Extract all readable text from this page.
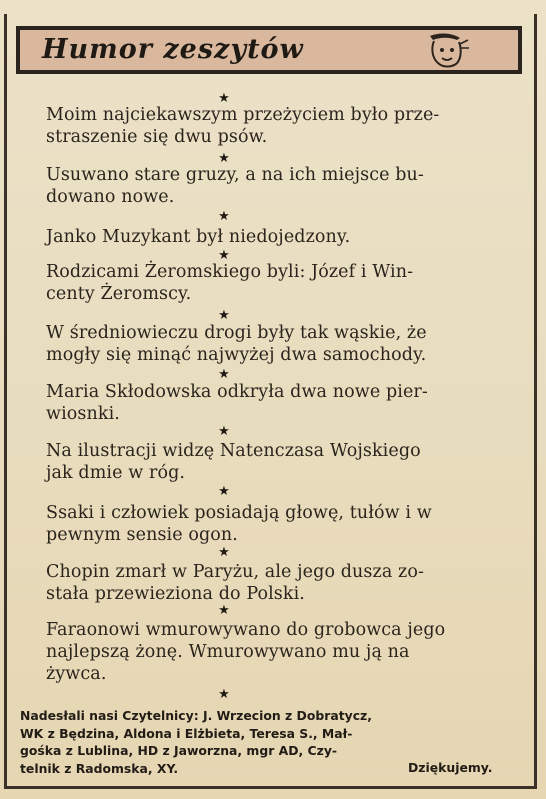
Humor zeszytów
★
Moim najciekawszym przeżyciem było prze-
straszenie się dwu psów.
★
Usuwano stare gruzy, a na ich miejsce bu-
dowano nowe.
★
Janko Muzykant był niedojedzony.
★
Rodzicami Żeromskiego byli: Józef i Win-
centy Żeromscy.
★
W średniowieczu drogi były tak wąskie, że
mogły się minąć najwyżej dwa samochody.
★
Maria Skłodowska odkryła dwa nowe pier-
wiosnki.
★
Na ilustracji widzę Natenczasa Wojskiego
jak dmie w róg.
★
Ssaki i człowiek posiadają głowę, tułów i w
pewnym sensie ogon.
★
Chopin zmarł w Paryżu, ale jego dusza zo-
stała przewieziona do Polski.
★
Faraonowi wmurowywano do grobowca jego
najlepszą żonę. Wmurowywano mu ją na
żywca.
★
Nadesłali nasi Czytelnicy: J. Wrzecion z Dobratycz,
WK z Będzina, Aldona i Elżbieta, Teresa S., Mał-
gośka z Lublina, HD z Jaworzna, mgr AD, Czy-
telnik z Radomska, XY.	Dziękujemy.
